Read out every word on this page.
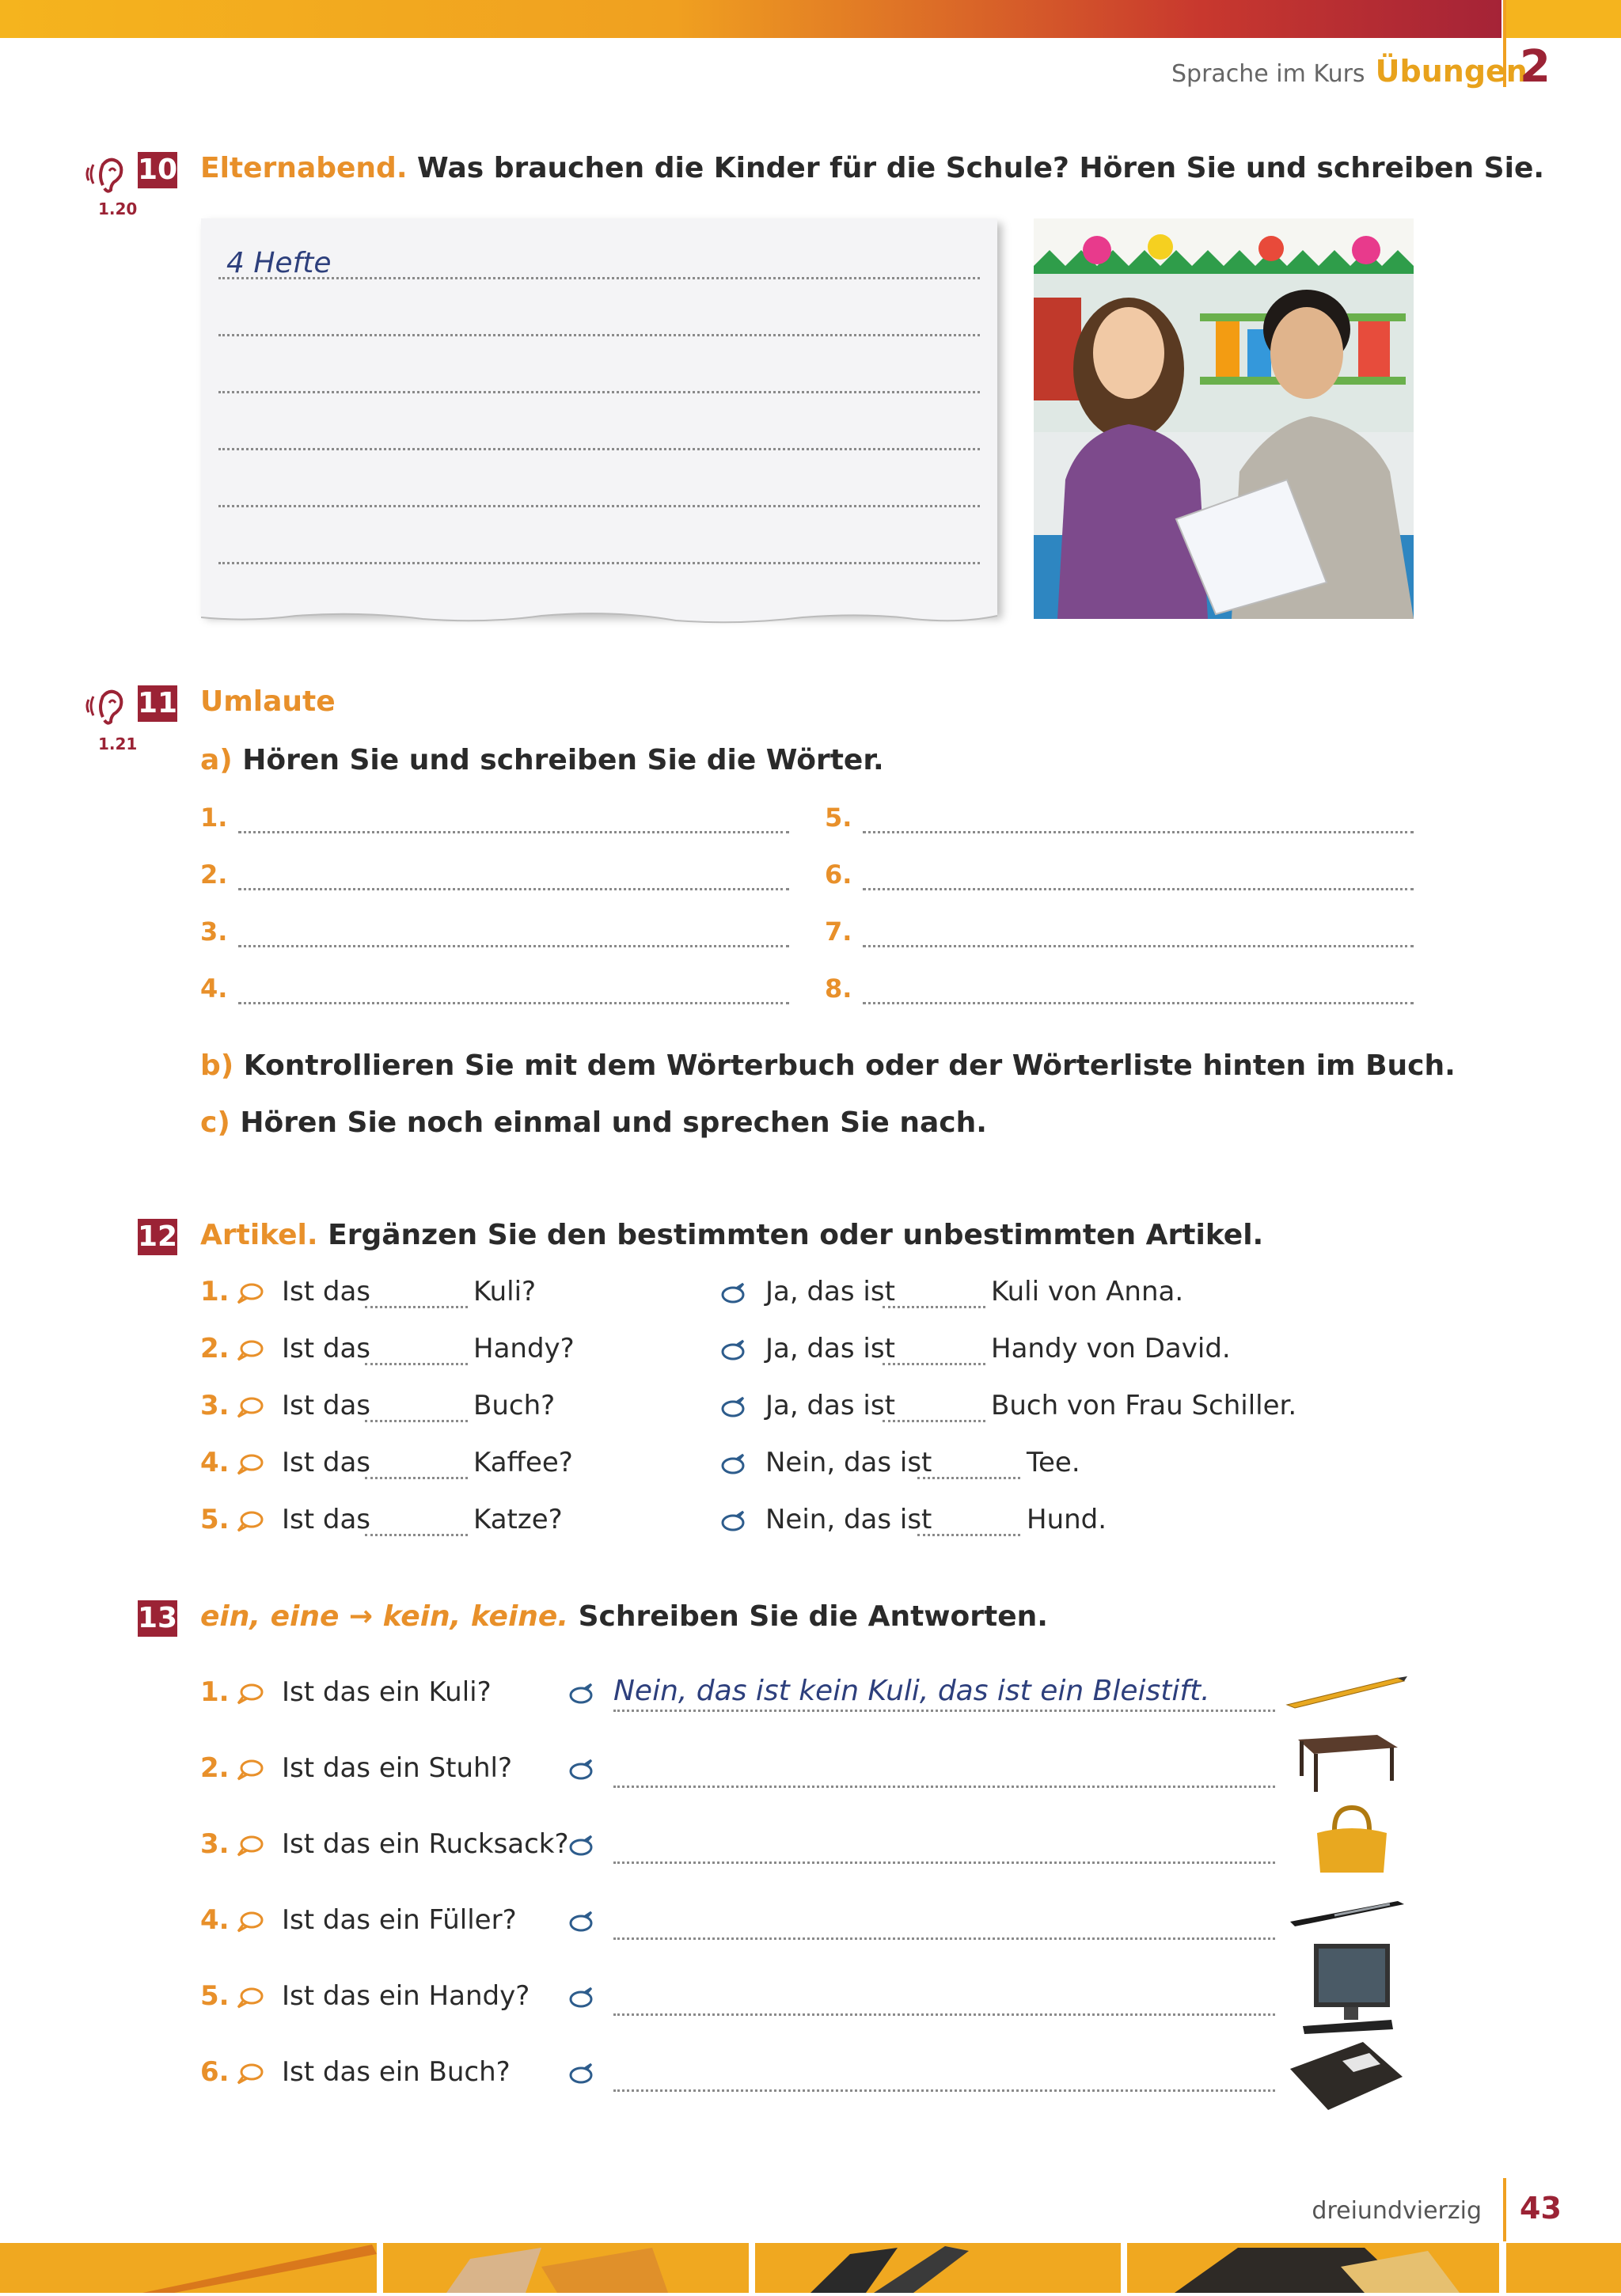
Sprache im Kurs Übungen
2
10
1.20
Elternabend. Was brauchen die Kinder für die Schule? Hören Sie und schreiben Sie.
4 Hefte
11
1.21
Umlaute
a) Hören Sie und schreiben Sie die Wörter.
1.
2.
3.
4.
5.
6.
7.
8.
b) Kontrollieren Sie mit dem Wörterbuch oder der Wörterliste hinten im Buch.
c) Hören Sie noch einmal und sprechen Sie nach.
12 Artikel. Ergänzen Sie den bestimmten oder unbestimmten Artikel.
1. Ist das	Kuli?	Ja, das ist	Kuli von Anna.
2. Ist das	Handy?	Ja, das ist	Handy von David.
3. Ist das	Buch?	Ja, das ist	Buch von Frau Schiller.
4. Ist das	Kaffee?	Nein, das ist	Tee.
5. Ist das	Katze?	Nein, das ist	Hund.
13 ein, eine → kein, keine. Schreiben Sie die Antworten.
1. Ist das ein Kuli?	Nein, das ist kein Kuli, das ist ein Bleistift.
2. Ist das ein Stuhl?
3. Ist das ein Rucksack?
4. Ist das ein Füller?
5. Ist das ein Handy?
6. Ist das ein Buch?
dreiundvierzig 43
